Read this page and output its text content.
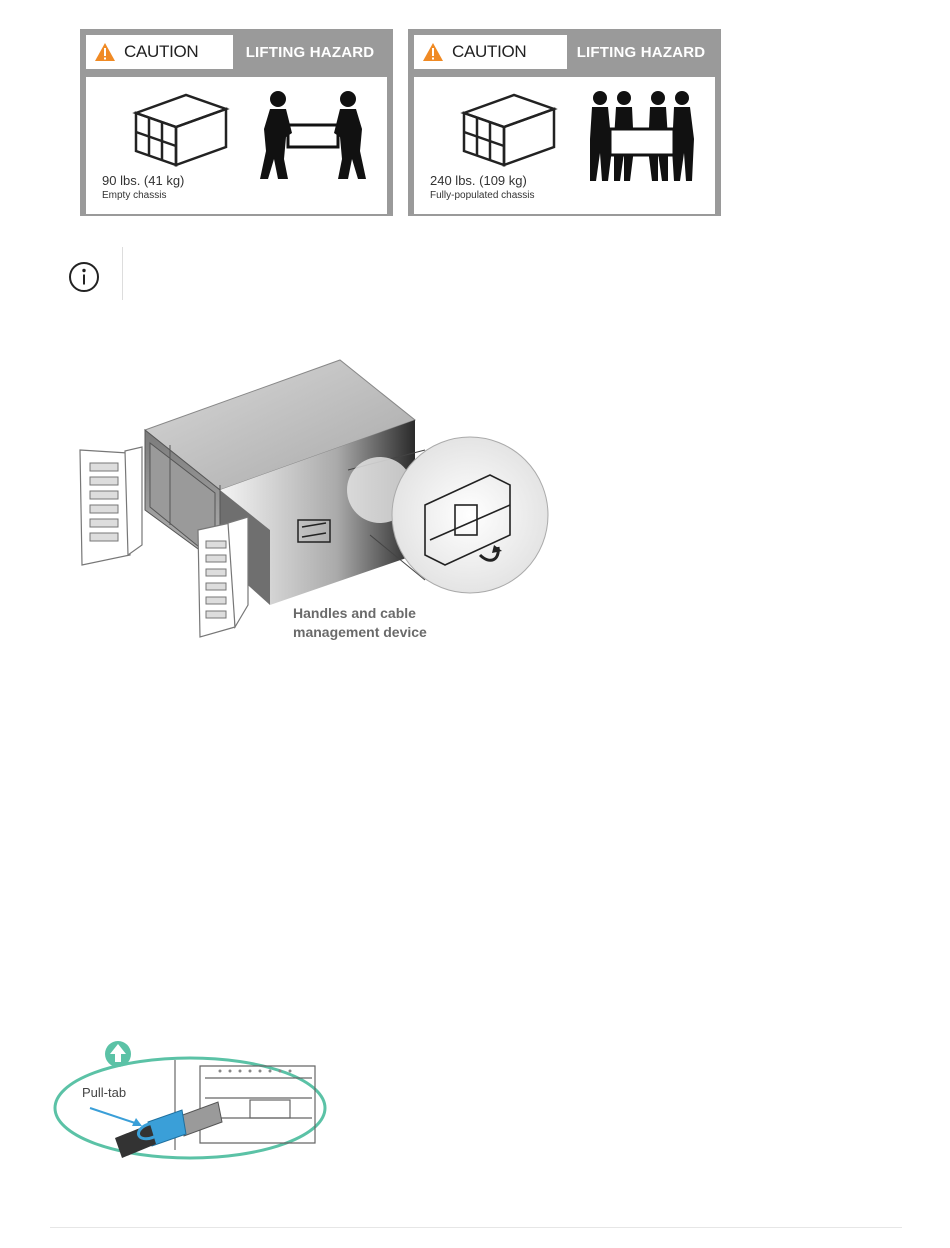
CAUTION	LIFTING HAZARD
90 lbs. (41 kg)
Empty chassis
CAUTION	LIFTING HAZARD
240 lbs. (109 kg)
Fully-populated chassis
Handles and cable
management device
Pull-tab
